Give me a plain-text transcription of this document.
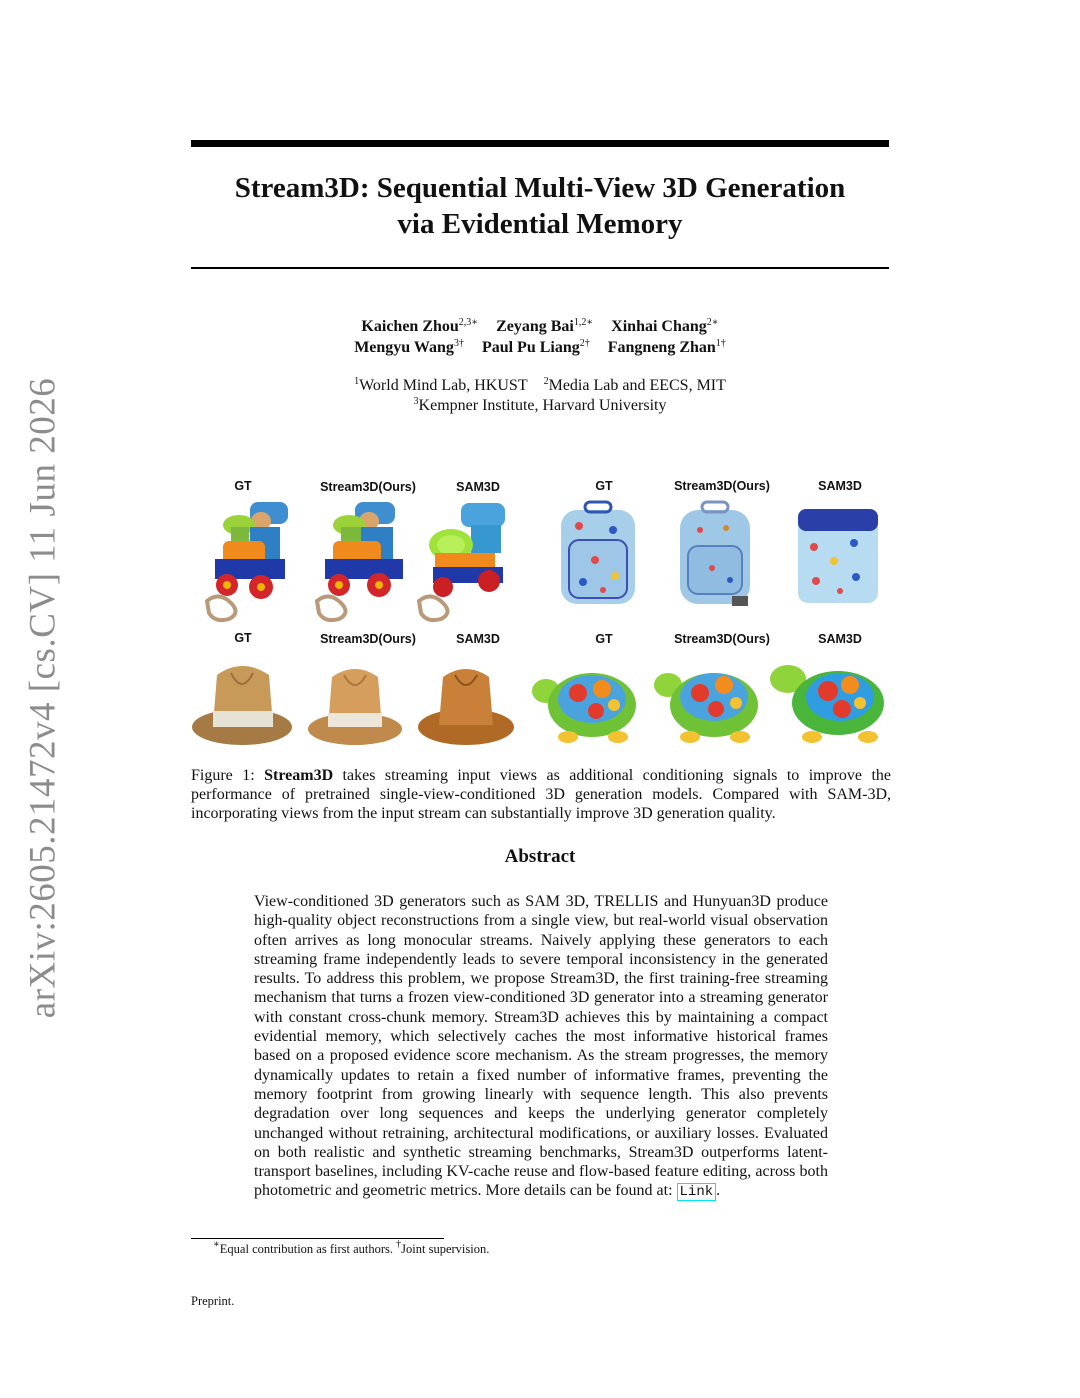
arXiv:2605.21472v4 [cs.CV] 11 Jun 2026
Stream3D: Sequential Multi-View 3D Generation
via Evidential Memory
Kaichen Zhou$^{2,3∗}$ Zeyang Bai$^{1,2∗}$ Xinhai Chang$^{2∗}$
Mengyu Wang$^{3\dagger}$ Paul Pu Liang$^{2\dagger}$ Fangneng Zhan$^{1\dagger}$
$^1$World Mind Lab, HKUST $^2$Media Lab and EECS, MIT
$^3$Kempner Institute, Harvard University
GT	Stream3D(Ours)	SAM3D	GT	Stream3D(Ours)	SAM3D
GT	Stream3D(Ours)	SAM3D	GT	Stream3D(Ours)	SAM3D
Figure 1: Stream3D takes streaming input views as additional conditioning signals to improve the performance of pretrained single-view-conditioned 3D generation models. Compared with SAM-3D, incorporating views from the input stream can substantially improve 3D generation quality.
Abstract
View-conditioned 3D generators such as SAM 3D, TRELLIS and Hunyuan3D produce high-quality object reconstructions from a single view, but real-world visual observation often arrives as long monocular streams. Naively applying these generators to each streaming frame independently leads to severe temporal inconsistency in the generated results. To address this problem, we propose Stream3D, the first training-free streaming mechanism that turns a frozen view-conditioned 3D generator into a streaming generator with constant cross-chunk memory. Stream3D achieves this by maintaining a compact evidential memory, which selectively caches the most informative historical frames based on a proposed evidence score mechanism. As the stream progresses, the memory dynamically updates to retain a fixed number of informative frames, preventing the memory footprint from growing linearly with sequence length. This also prevents degradation over long sequences and keeps the underlying generator completely unchanged without retraining, architectural modifications, or auxiliary losses. Evaluated on both realistic and synthetic streaming benchmarks, Stream3D outperforms latent-transport baselines, including KV-cache reuse and flow-based feature editing, across both photometric and geometric metrics. More details can be found at: Link .
∗Equal contribution as first authors. †Joint supervision.
Preprint.
